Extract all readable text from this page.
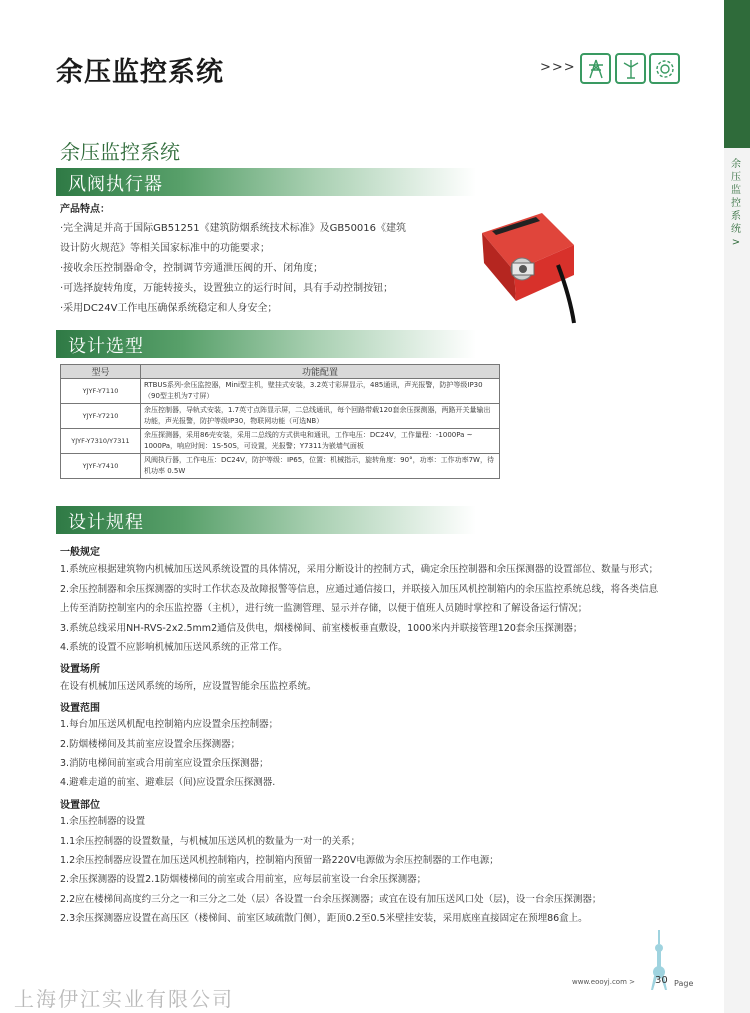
余压监控系统>
余压监控系统	>>>
余压监控系统
风阀执行器
产品特点：
·完全满足并高于国际GB51251《建筑防烟系统技术标准》及GB50016《建筑
设计防火规范》等相关国家标准中的功能要求；
·接收余压控制器命令，控制调节旁通泄压阀的开、闭角度；
·可选择旋转角度，万能转接头，设置独立的运行时间，具有手动控制按钮；
·采用DC24V工作电压确保系统稳定和人身安全；
设计选型
型号	功能配置
YJYF-Y7110	RTBUS系列-余压监控器，Mini型主机，壁挂式安装，3.2英寸彩屏显示，485通讯，声光报警，防护等级IP30（90型主机为7寸屏）
YJYF-Y7210	余压控制器，导轨式安装，1.7英寸点阵显示屏，二总线通讯，每个回路带载120套余压探测器，两路开关量输出功能，声光报警，防护等级IP30，物联网功能（可选NB）
YJYF-Y7310/Y7311	余压探测器，采用86壳安装，采用二总线的方式供电和通讯，工作电压：DC24V，工作量程：-1000Pa ~ 1000Pa，响应时间：1S-50S，可设置，光报警；Y7311为嵌墙气面板
YJYF-Y7410	风阀执行器，工作电压：DC24V，防护等级：IP65，位置：机械指示，旋转角度：90°，功率：工作功率7W，待机功率 0.5W
设计规程
一般规定
1.系统应根据建筑物内机械加压送风系统设置的具体情况，采用分断设计的控制方式，确定余压控制器和余压探测器的设置部位、数量与形式；
2.余压控制器和余压探测器的实时工作状态及故障报警等信息，应通过通信接口，并联接入加压风机控制箱内的余压监控系统总线，将各类信息
上传至消防控制室内的余压监控器（主机），进行统一监测管理、显示并存储，以便于值班人员随时掌控和了解设备运行情况；
3.系统总线采用NH-RVS-2x2.5mm2通信及供电，烟楼梯间、前室楼板垂直敷设，1000米内并联接管理120套余压探测器；
4.系统的设置不应影响机械加压送风系统的正常工作。
设置场所
在设有机械加压送风系统的场所，应设置智能余压监控系统。
设置范围
1.每台加压送风机配电控制箱内应设置余压控制器；
2.防烟楼梯间及其前室应设置余压探测器；
3.消防电梯间前室或合用前室应设置余压探测器；
4.避难走道的前室、避难层（间)应设置余压探测器.
设置部位
1.余压控制器的设置
1.1余压控制器的设置数量，与机械加压送风机的数量为一对一的关系；
1.2余压控制器应设置在加压送风机控制箱内，控制箱内预留一路220V电源做为余压控制器的工作电源；
2.余压探测器的设置2.1防烟楼梯间的前室或合用前室，应每层前室设一台余压探测器；
2.2应在楼梯间高度约三分之一和三分之二处（层）各设置一台余压探测器；或宜在设有加压送风口处（层)，设一台余压探测器；
2.3余压探测器应设置在高压区（楼梯间、前室区域疏散门侧），距顶0.2至0.5米壁挂安装，采用底座直接固定在预埋86盒上。
www.eooyj.com > 30 Page
上海伊江实业有限公司
